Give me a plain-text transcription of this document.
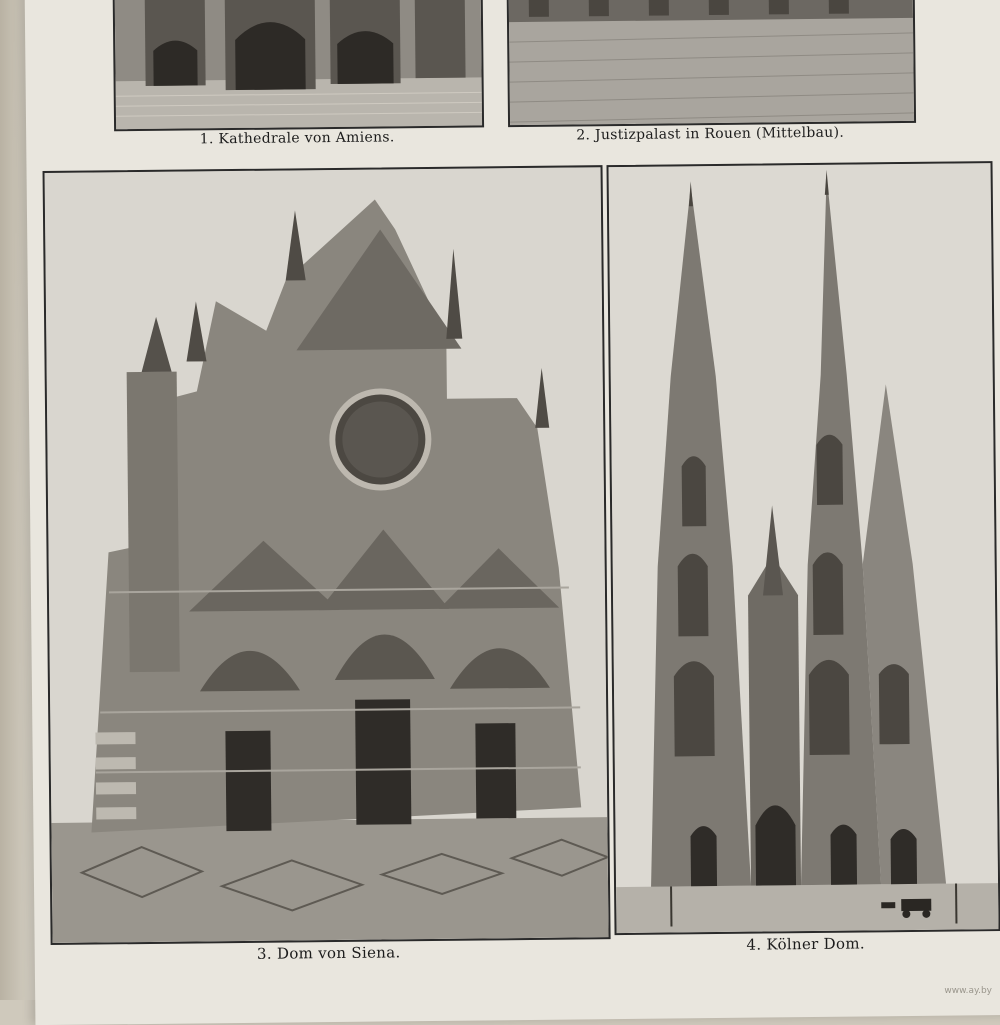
1. Kathedrale von Amiens.	2. Justizpalast in Rouen (Mittelbau).
3. Dom von Siena.	4. Kölner Dom.
www.ay.by
